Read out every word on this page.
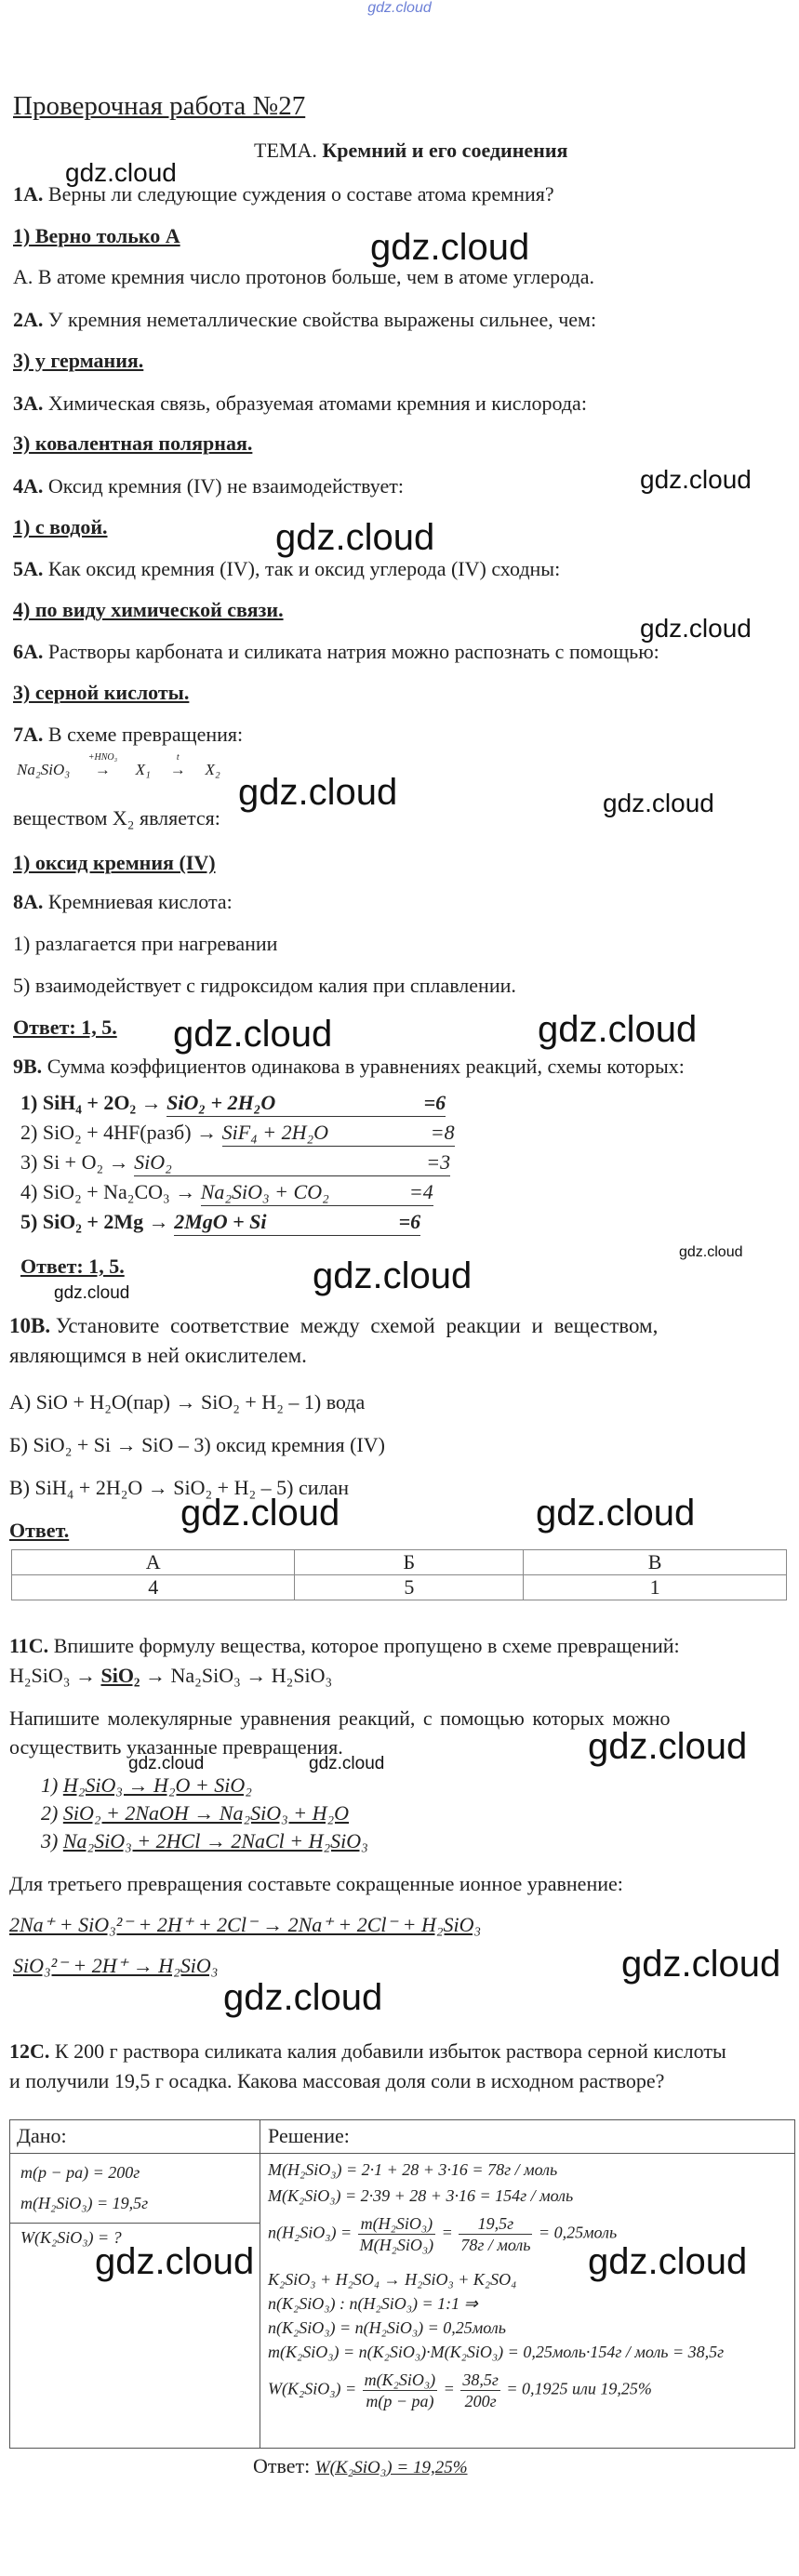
gdz.cloud
Проверочная работа №27
ТЕМА. Кремний и его соединения
1А. Верны ли следующие суждения о составе атома кремния?
1) Верно только А
А. В атоме кремния число протонов больше, чем в атоме углерода.
2А. У кремния неметаллические свойства выражены сильнее, чем:
3) у германия.
3А. Химическая связь, образуемая атомами кремния и кислорода:
3) ковалентная полярная.
4А. Оксид кремния (IV) не взаимодействует:
1) с водой.
5А. Как оксид кремния (IV), так и оксид углерода (IV) сходны:
4) по виду химической связи.
6А. Растворы карбоната и силиката натрия можно распознать с помощью:
3) серной кислоты.
7А. В схеме превращения:
Na₂SiO₃
+HNO₃
→ X₁
t
→ X₂
веществом X₂ является:
1) оксид кремния (IV)
8А. Кремниевая кислота:
1) разлагается при нагревании
5) взаимодействует с гидроксидом калия при сплавлении.
Ответ: 1, 5.
9В. Сумма коэффициентов одинакова в уравнениях реакций, схемы которых:
1) SiH₄ + 2O₂ → SiO₂ + 2H₂O	=6
2) SiO₂ + 4HF(разб) → SiF₄ + 2H₂O	=8
3) Si + O₂ → SiO₂	=3
4) SiO₂ + Na₂CO₃ → Na₂SiO₃ + CO₂	=4
5) SiO₂ + 2Mg → 2MgO + Si	=6
Ответ: 1, 5.
10В. Установите соответствие между схемой реакции и веществом,
являющимся в ней окислителем.
А) SiO + H₂O(пар) → SiO₂ + H₂ – 1) вода
Б) SiO₂ + Si → SiO – 3) оксид кремния (IV)
В) SiH₄ + 2H₂O → SiO₂ + H₂ – 5) силан
Ответ.
А	Б	В
4	5	1
11С. Впишите формулу вещества, которое пропущено в схеме превращений:
H₂SiO₃ → SiO₂ → Na₂SiO₃ → H₂SiO₃
Напишите молекулярные уравнения реакций, с помощью которых можно
осуществить указанные превращения.
1) H₂SiO₃ → H₂O + SiO₂
2) SiO₂ + 2NaOH → Na₂SiO₃ + H₂O
3) Na₂SiO₃ + 2HCl → 2NaCl + H₂SiO₃
Для третьего превращения составьте сокращенные ионное уравнение:
2Na⁺ + SiO₃²⁻ + 2H⁺ + 2Cl⁻ → 2Na⁺ + 2Cl⁻ + H₂SiO₃
SiO₃²⁻ + 2H⁺ → H₂SiO₃
12С. К 200 г раствора силиката калия добавили избыток раствора серной кислоты
и получили 19,5 г осадка. Какова массовая доля соли в исходном растворе?
Дано:	Решение:
m(p − pa) = 200г
m(H₂SiO₃) = 19,5г
W(K₂SiO₃) = ?
M(H₂SiO₃) = 2·1 + 28 + 3·16 = 78г / моль
M(K₂SiO₃) = 2·39 + 28 + 3·16 = 154г / моль
$n(H_2SiO_3) = \frac{\text{m(H₂SiO₃)}}{\text{M(H₂SiO₃)}} = \frac{19,5г}{\text{78г / моль}}$ = 0,25моль
K₂SiO₃ + H₂SO₄ → H₂SiO₃ + K₂SO₄
n(K₂SiO₃) : n(H₂SiO₃) = 1:1 ⇒
n(K₂SiO₃) = n(H₂SiO₃) = 0,25моль
m(K₂SiO₃) = n(K₂SiO₃)·M(K₂SiO₃) = 0,25моль·154г / моль = 38,5г
$W(K_2SiO_3) = \frac{\text{m(K₂SiO₃)}}{m(p - pa)} = \frac{38,5г}{200г} = 0,1925$ или 19,25%
Ответ: W(K₂SiO₃) = 19,25%
gdz.cloud
gdz.cloud
gdz.cloud
gdz.cloud
gdz.cloud
gdz.cloud	gdz.cloud
gdz.cloud	gdz.cloud
gdz.cloud
gdz.cloud
gdz.cloud
gdz.cloud	gdz.cloud
gdz.cloud
gdz.cloud	gdz.cloud
gdz.cloud
gdz.cloud
gdz.cloud	gdz.cloud
